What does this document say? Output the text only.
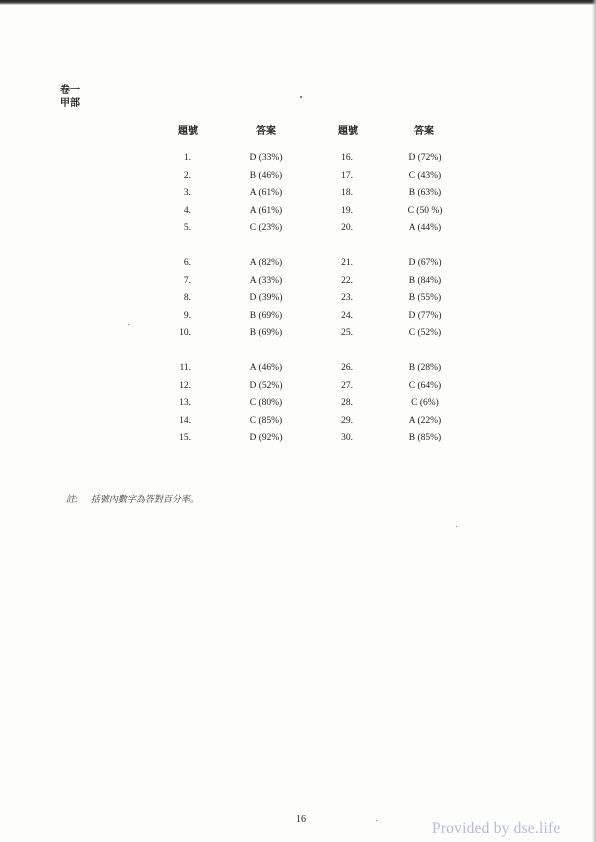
卷一
甲部
題號	答案	題號	答案
1.	D (33%)	16.	D (72%)
2.	B (46%)	17.	C (43%)
3.	A (61%)	18.	B (63%)
4.	A (61%)	19.	C (50 %)
5.	C (23%)	20.	A (44%)
6.	A (82%)	21.	D (67%)
7.	A (33%)	22.	B (84%)
8.	D (39%)	23.	B (55%)
9.	B (69%)	24.	D (77%)
10.	B (69%)	25.	C (52%)
11.	A (46%)	26.	B (28%)
12.	D (52%)	27.	C (64%)
13.	C (80%)	28.	C (6%)
14.	C (85%)	29.	A (22%)
15.	D (92%)	30.	B (85%)
註: 括號內數字為答對百分率。
16
Provided by dse.life
